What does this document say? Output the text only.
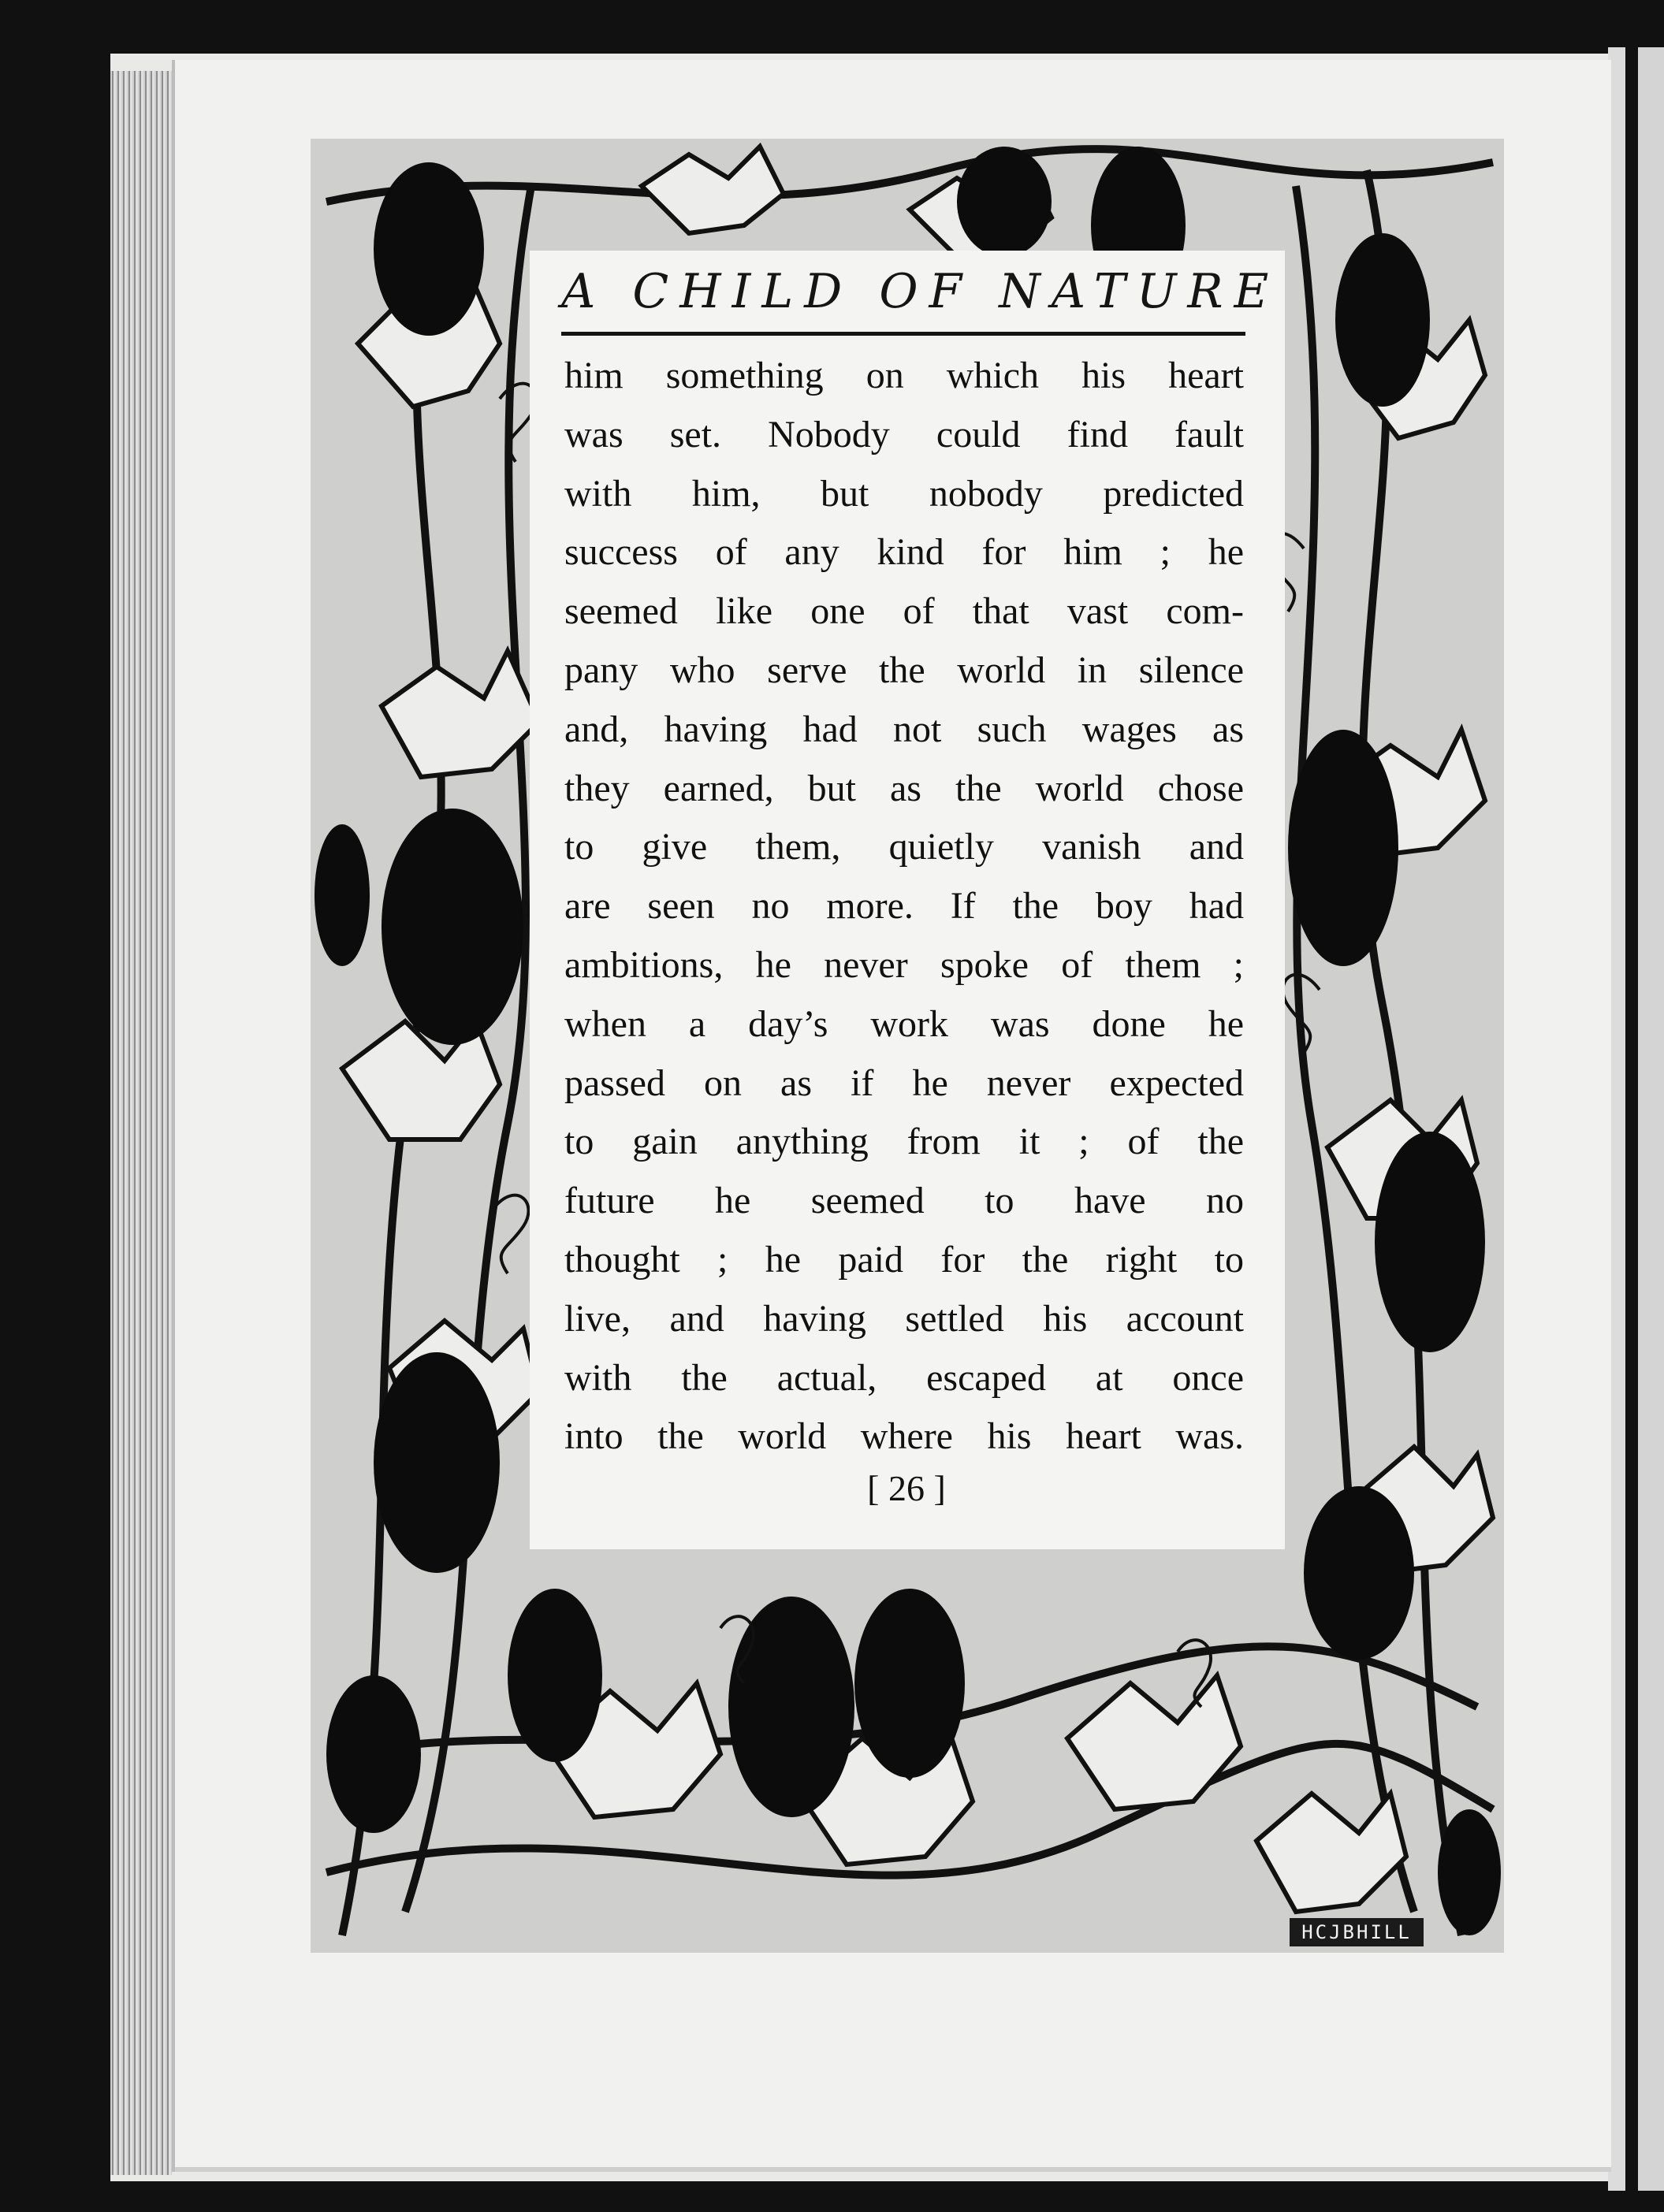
A CHILD OF NATURE
him something on which his heart
was set. Nobody could find fault
with him, but nobody predicted
success of any kind for him ; he
seemed like one of that vast com-
pany who serve the world in silence
and, having had not such wages as
they earned, but as the world chose
to give them, quietly vanish and
are seen no more. If the boy had
ambitions, he never spoke of them ;
when a day’s work was done he
passed on as if he never expected
to gain anything from it ; of the
future he seemed to have no
thought ; he paid for the right to
live, and having settled his account
with the actual, escaped at once
into the world where his heart was.
[ 26 ]
HCJBHILL
